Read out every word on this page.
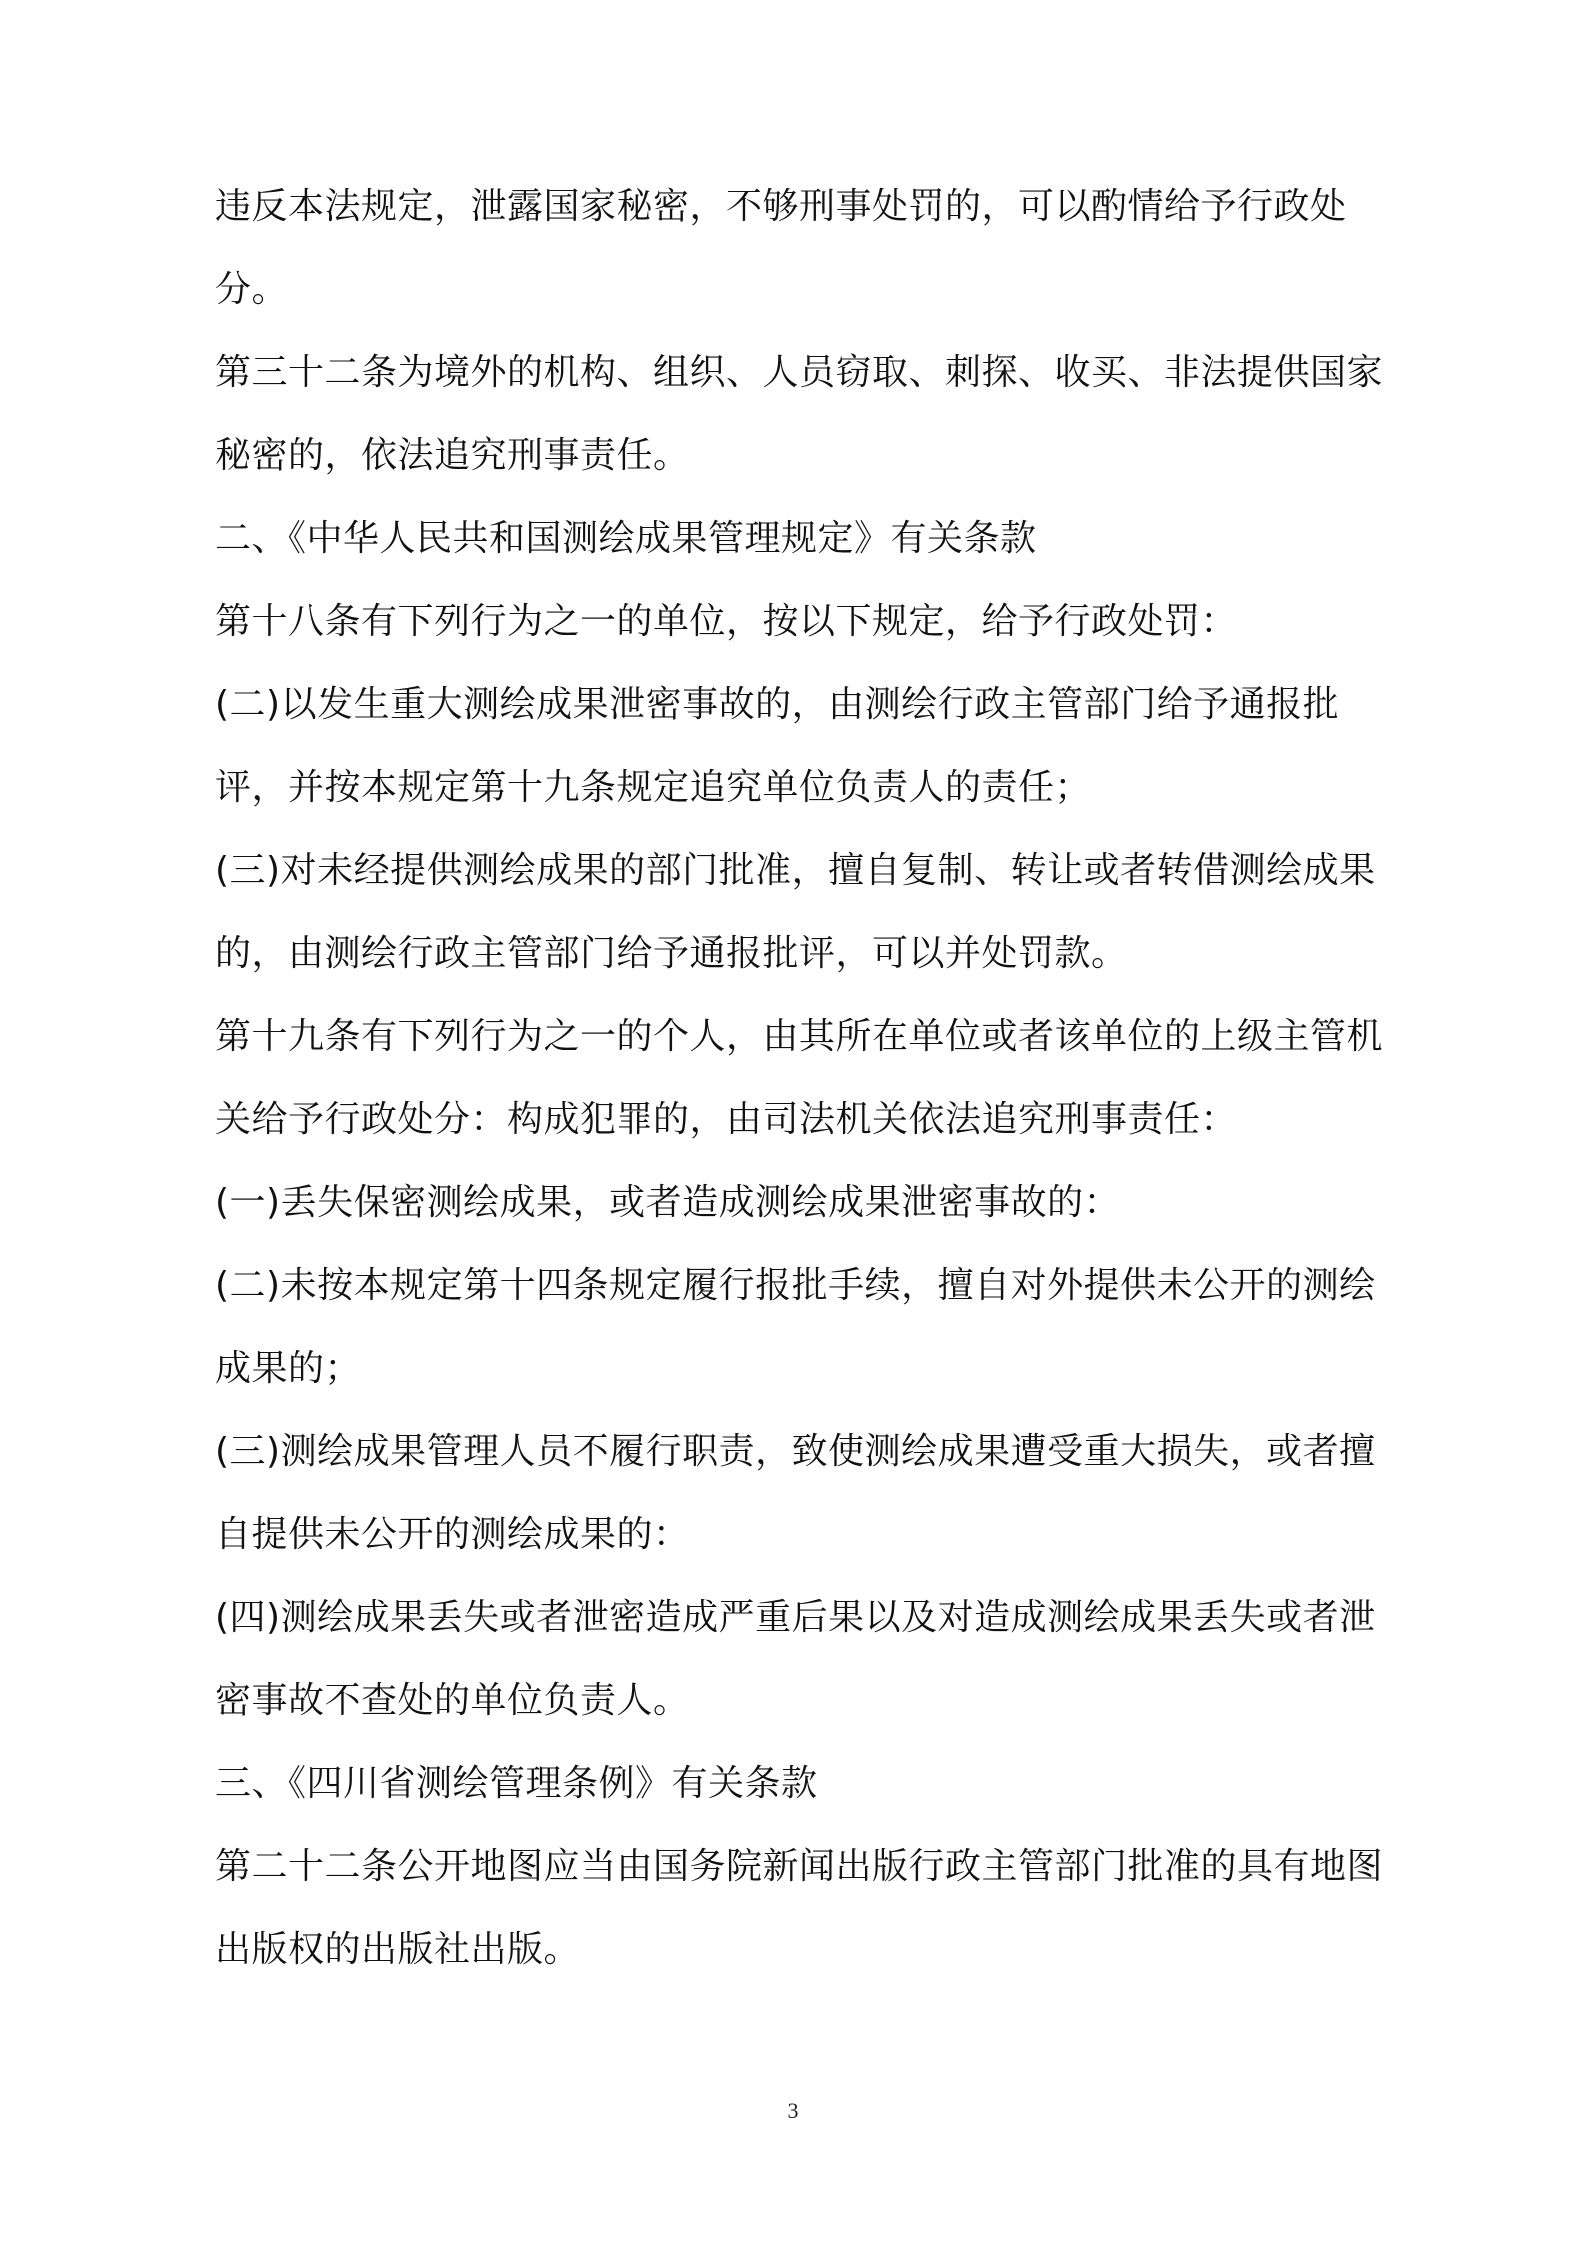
违反本法规定，泄露国家秘密，不够刑事处罚的，可以酌情给予行政处分。

第三十二条为境外的机构、组织、人员窃取、刺探、收买、非法提供国家秘密的，依法追究刑事责任。

二、《中华人民共和国测绘成果管理规定》有关条款

第十八条有下列行为之一的单位，按以下规定，给予行政处罚：

(二)以发生重大测绘成果泄密事故的，由测绘行政主管部门给予通报批评，并按本规定第十九条规定追究单位负责人的责任；

(三)对未经提供测绘成果的部门批准，擅自复制、转让或者转借测绘成果的，由测绘行政主管部门给予通报批评，可以并处罚款。

第十九条有下列行为之一的个人，由其所在单位或者该单位的上级主管机关给予行政处分：构成犯罪的，由司法机关依法追究刑事责任：

(一)丢失保密测绘成果，或者造成测绘成果泄密事故的：

(二)未按本规定第十四条规定履行报批手续，擅自对外提供未公开的测绘成果的；

(三)测绘成果管理人员不履行职责，致使测绘成果遭受重大损失，或者擅自提供未公开的测绘成果的：

(四)测绘成果丢失或者泄密造成严重后果以及对造成测绘成果丢失或者泄密事故不查处的单位负责人。

三、《四川省测绘管理条例》有关条款

第二十二条公开地图应当由国务院新闻出版行政主管部门批准的具有地图出版权的出版社出版。

3
